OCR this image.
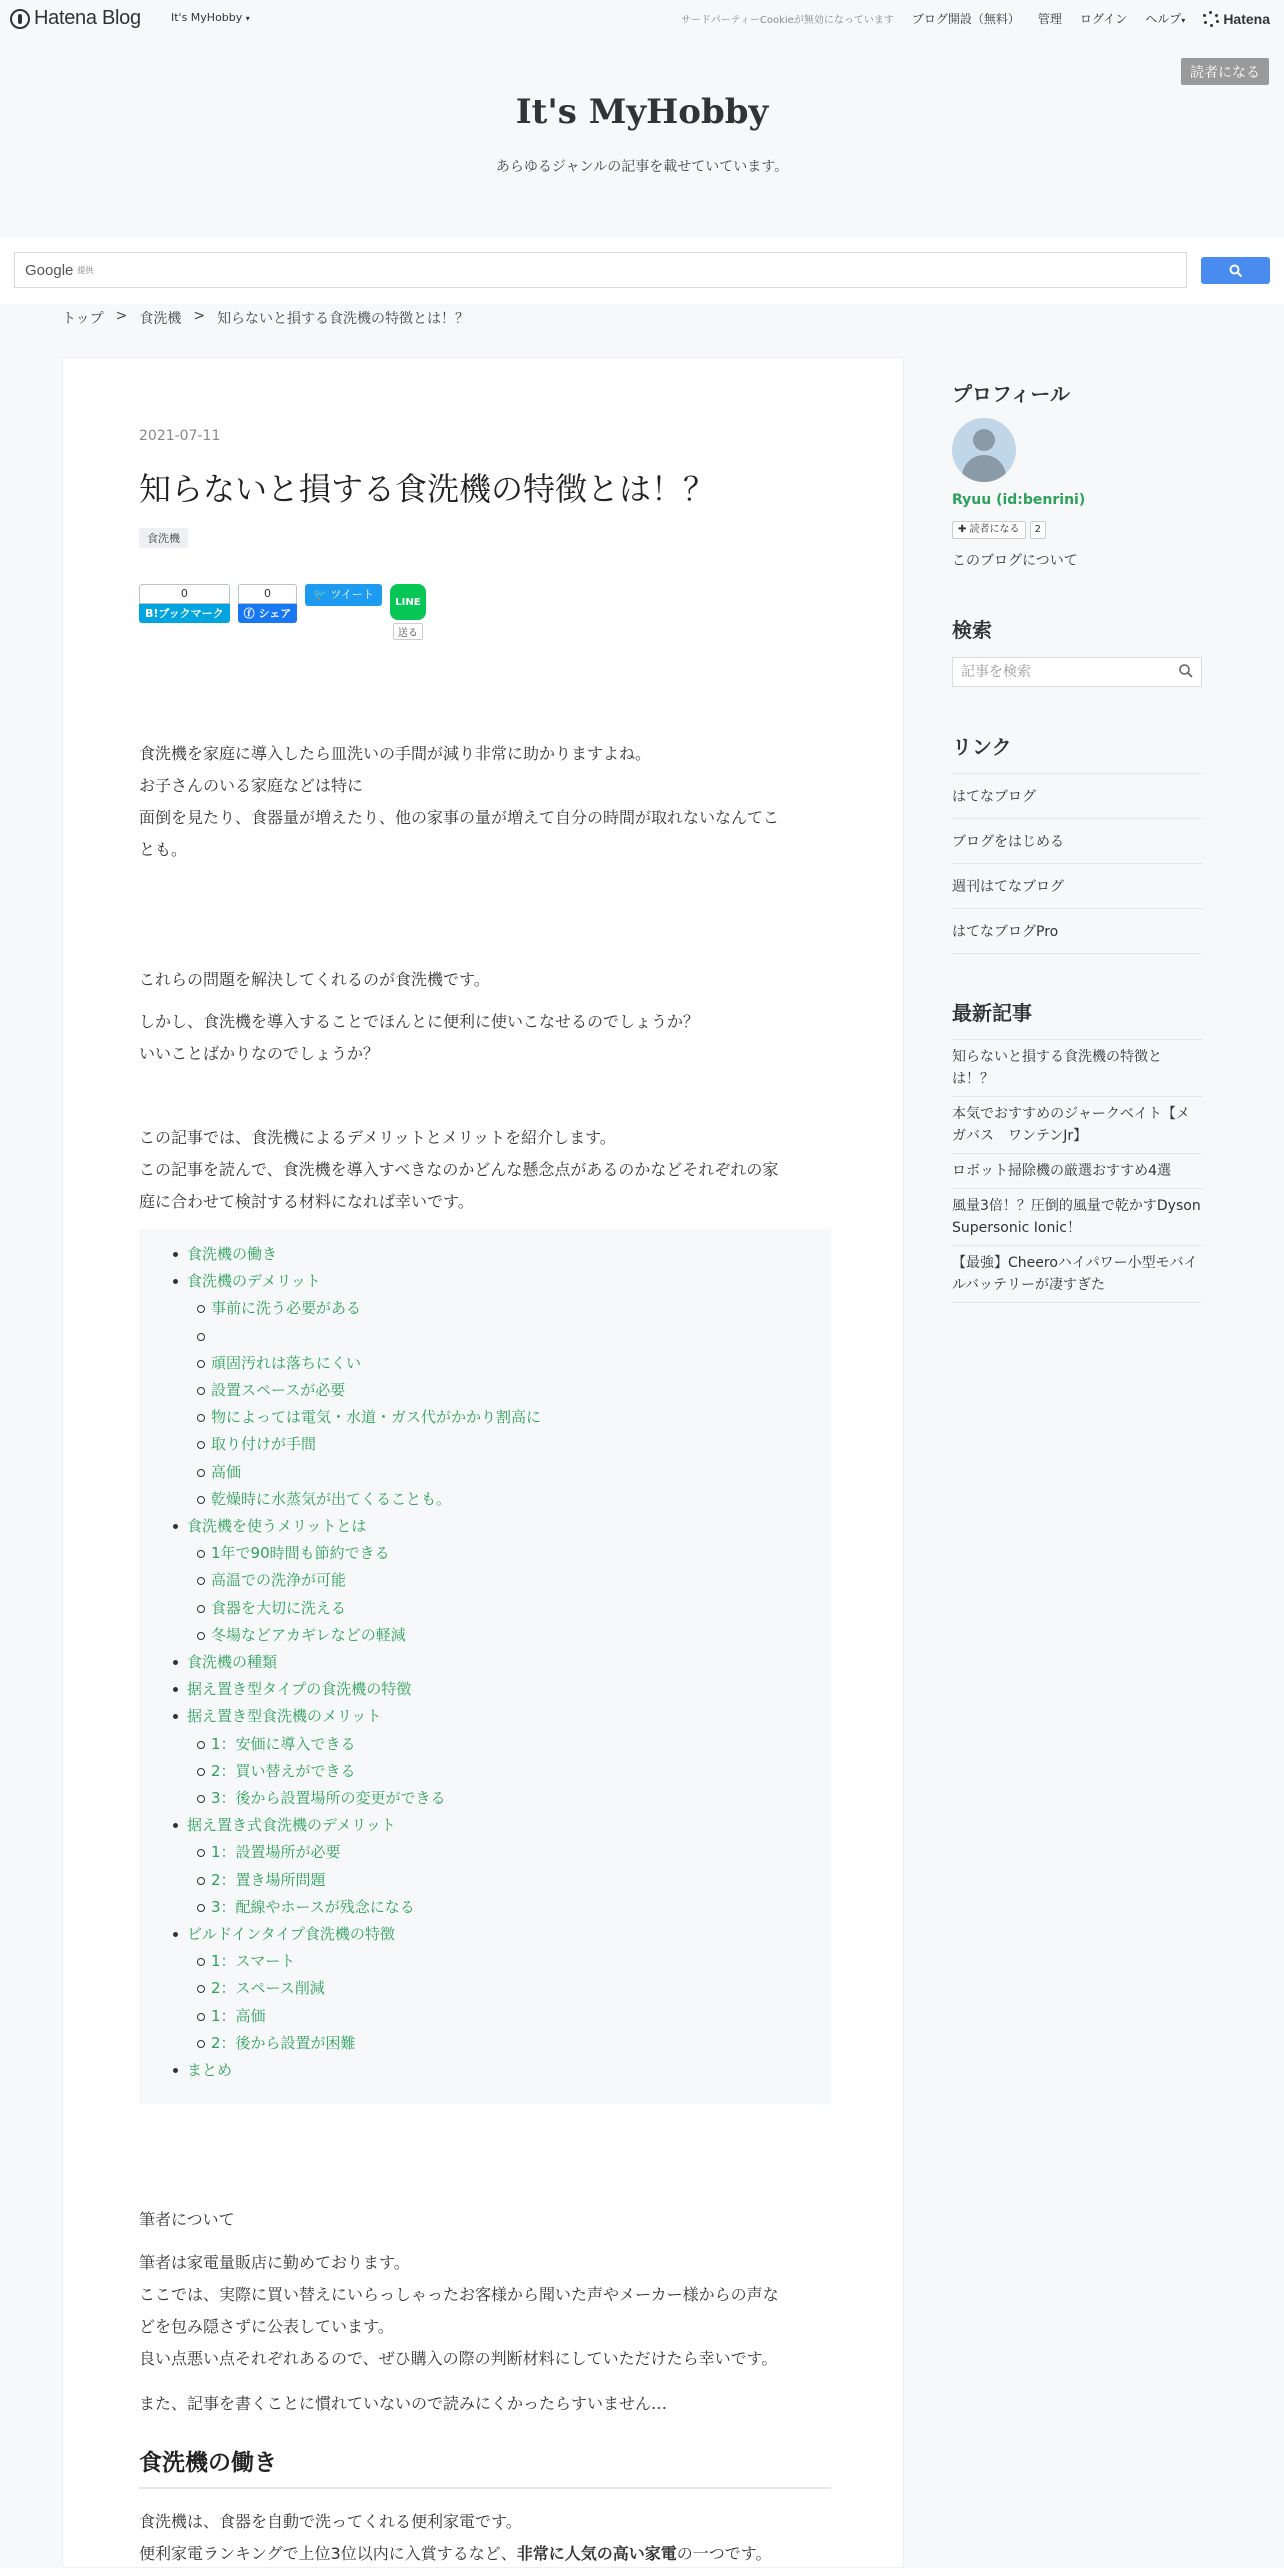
Hatena Blog	It's MyHobby ▾	サードパーティーCookieが無効になっています ブログ開設（無料） 管理 ログイン ヘルプ▾	Hatena
読者になる
It's MyHobby

あらゆるジャンルの記事を載せていています。

Google 提供
トップ > 食洗機 > 知らないと損する食洗機の特徴とは！？
2021-07-11
知らないと損する食洗機の特徴とは！？
食洗機
0
B!ブックマーク
0
ⓕ シェア
🐦 ツイート
LINE
送る

食洗機を家庭に導入したら皿洗いの手間が減り非常に助かりますよね。
お子さんのいる家庭などは特に
面倒を見たり、食器量が増えたり、他の家事の量が増えて自分の時間が取れないなんてこ
とも。

これらの問題を解決してくれるのが食洗機です。

しかし、食洗機を導入することでほんとに便利に使いこなせるのでしょうか？
いいことばかりなのでしょうか？

この記事では、食洗機によるデメリットとメリットを紹介します。
この記事を読んで、食洗機を導入すべきなのかどんな懸念点があるのかなどそれぞれの家
庭に合わせて検討する材料になれば幸いです。

食洗機の働き
食洗機のデメリット
事前に洗う必要がある

頑固汚れは落ちにくい
設置スペースが必要
物によっては電気・水道・ガス代がかかり割高に
取り付けが手間
高価
乾燥時に水蒸気が出てくることも。
食洗機を使うメリットとは
1年で90時間も節約できる
高温での洗浄が可能
食器を大切に洗える
冬場などアカギレなどの軽減
食洗機の種類
据え置き型タイプの食洗機の特徴
据え置き型食洗機のメリット
1：安価に導入できる
2：買い替えができる
3：後から設置場所の変更ができる
据え置き式食洗機のデメリット
1：設置場所が必要
2：置き場所問題
3：配線やホースが残念になる
ビルドインタイプ食洗機の特徴
1：スマート
2：スペース削減
1：高価
2：後から設置が困難
まとめ

筆者について

筆者は家電量販店に勤めております。
ここでは、実際に買い替えにいらっしゃったお客様から聞いた声やメーカー様からの声な
どを包み隠さずに公表しています。
良い点悪い点それぞれあるので、ぜひ購入の際の判断材料にしていただけたら幸いです。

また、記事を書くことに慣れていないので読みにくかったらすいません…

食洗機の働き

食洗機は、食器を自動で洗ってくれる便利家電です。
便利家電ランキングで上位3位以内に入賞するなど、非常に人気の高い家電の一つです。

プロフィール
Ryuu (id:benrini)
✚ 読者になる	2
このブログについて
検索
記事を検索
リンク
はてなブログ
ブログをはじめる
週刊はてなブログ
はてなブログPro
最新記事
知らないと損する食洗機の特徴とは！？
本気でおすすめのジャークベイト【メガバス　ワンテンJr】
ロボット掃除機の厳選おすすめ4選
風量3倍！？圧倒的風量で乾かすDyson Supersonic Ionic！
【最強】Cheeroハイパワー小型モバイルバッテリーが凄すぎた
